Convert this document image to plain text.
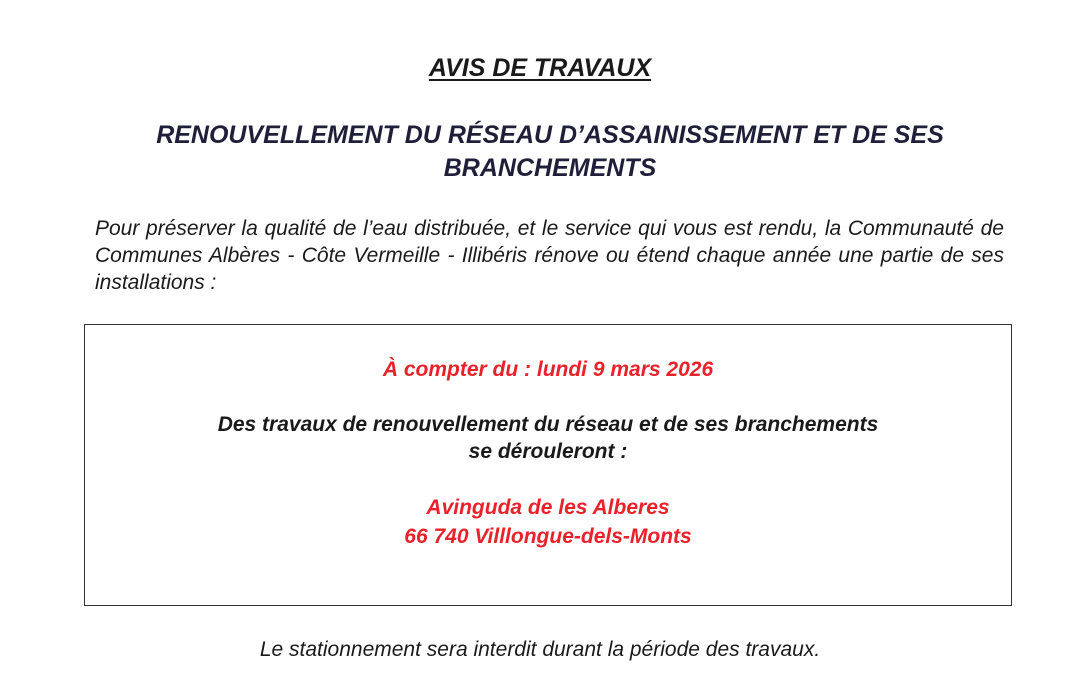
AVIS DE TRAVAUX
RENOUVELLEMENT DU RÉSEAU D’ASSAINISSEMENT ET DE SES BRANCHEMENTS
Pour préserver la qualité de l’eau distribuée, et le service qui vous est rendu, la Communauté de Communes Albères - Côte Vermeille - Illibéris rénove ou étend chaque année une partie de ses installations :
À compter du : lundi 9 mars 2026
Des travaux de renouvellement du réseau et de ses branchements
se dérouleront :
Avinguda de les Alberes
66 740 Villlongue-dels-Monts
Le stationnement sera interdit durant la période des travaux.
